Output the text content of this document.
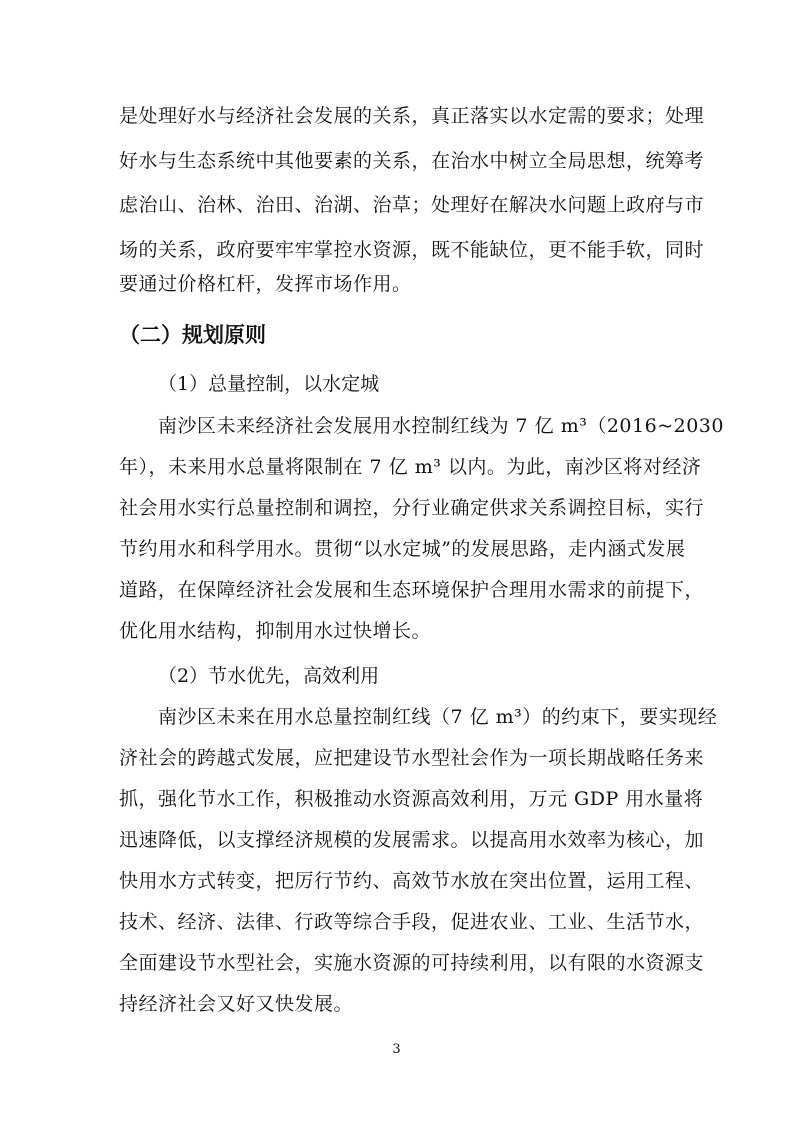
是处理好水与经济社会发展的关系，真正落实以水定需的要求；处理
好水与生态系统中其他要素的关系，在治水中树立全局思想，统筹考
虑治山、治林、治田、治湖、治草；处理好在解决水问题上政府与市
场的关系，政府要牢牢掌控水资源，既不能缺位，更不能手软，同时
要通过价格杠杆，发挥市场作用。
（二）规划原则
（1）总量控制，以水定城
南沙区未来经济社会发展用水控制红线为 7 亿 m³（2016~2030
年），未来用水总量将限制在 7 亿 m³ 以内。为此，南沙区将对经济
社会用水实行总量控制和调控，分行业确定供求关系调控目标，实行
节约用水和科学用水。贯彻“以水定城”的发展思路，走内涵式发展
道路，在保障经济社会发展和生态环境保护合理用水需求的前提下，
优化用水结构，抑制用水过快增长。
（2）节水优先，高效利用
南沙区未来在用水总量控制红线（7 亿 m³）的约束下，要实现经
济社会的跨越式发展，应把建设节水型社会作为一项长期战略任务来
抓，强化节水工作，积极推动水资源高效利用，万元 GDP 用水量将
迅速降低，以支撑经济规模的发展需求。以提高用水效率为核心，加
快用水方式转变，把厉行节约、高效节水放在突出位置，运用工程、
技术、经济、法律、行政等综合手段，促进农业、工业、生活节水，
全面建设节水型社会，实施水资源的可持续利用，以有限的水资源支
持经济社会又好又快发展。
3
